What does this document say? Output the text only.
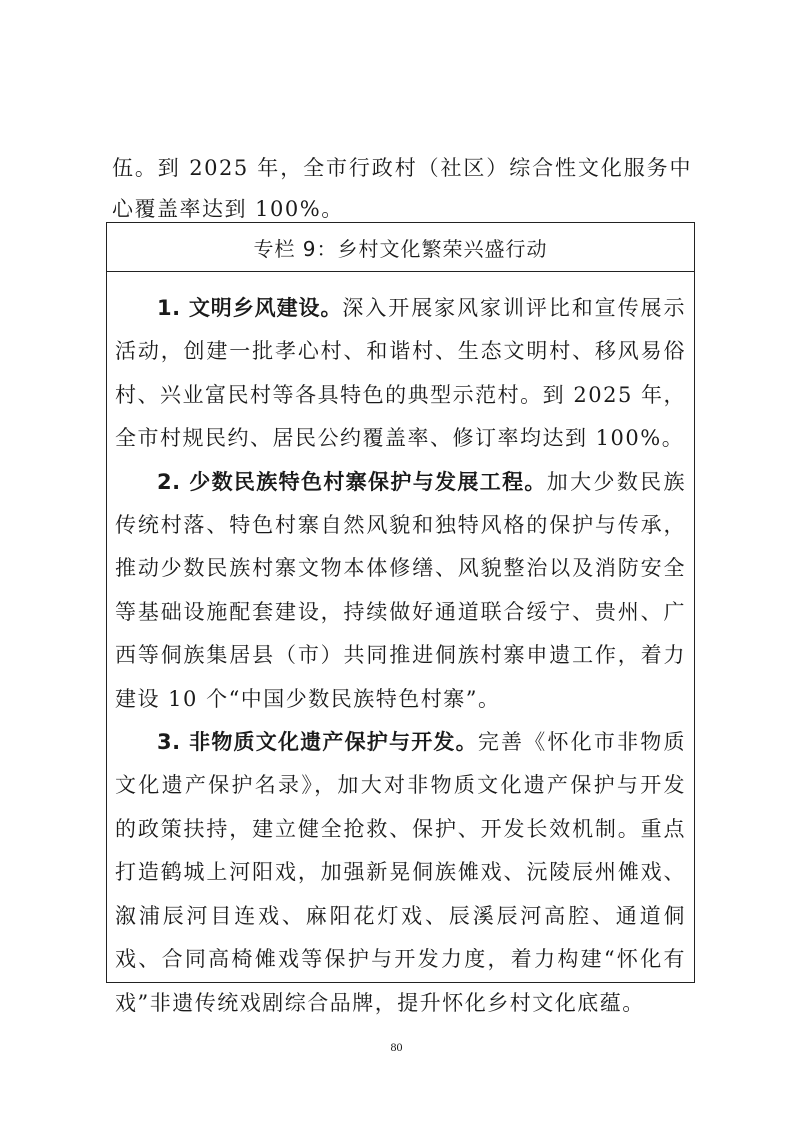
伍。到 2025 年，全市行政村（社区）综合性文化服务中心覆盖率达到 100%。

专栏 9：乡村文化繁荣兴盛行动

1. 文明乡风建设。深入开展家风家训评比和宣传展示活动，创建一批孝心村、和谐村、生态文明村、移风易俗村、兴业富民村等各具特色的典型示范村。到 2025 年，全市村规民约、居民公约覆盖率、修订率均达到 100%。

2. 少数民族特色村寨保护与发展工程。加大少数民族传统村落、特色村寨自然风貌和独特风格的保护与传承，推动少数民族村寨文物本体修缮、风貌整治以及消防安全等基础设施配套建设，持续做好通道联合绥宁、贵州、广西等侗族集居县（市）共同推进侗族村寨申遗工作，着力建设 10 个“中国少数民族特色村寨”。

3. 非物质文化遗产保护与开发。完善《怀化市非物质文化遗产保护名录》，加大对非物质文化遗产保护与开发的政策扶持，建立健全抢救、保护、开发长效机制。重点打造鹤城上河阳戏，加强新晃侗族傩戏、沅陵辰州傩戏、溆浦辰河目连戏、麻阳花灯戏、辰溪辰河高腔、通道侗戏、合同高椅傩戏等保护与开发力度，着力构建“怀化有戏”非遗传统戏剧综合品牌，提升怀化乡村文化底蕴。

80
